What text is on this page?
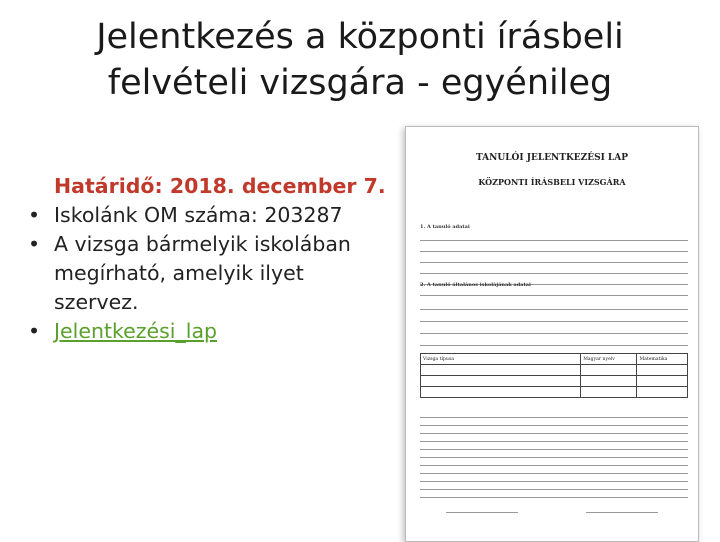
Jelentkezés a központi írásbeli
felvételi vizsgára - egyénileg
Határidő: 2018. december 7.
• Iskolánk OM száma: 203287
• A vizsga bármelyik iskolában megírható, amelyik ilyet szervez.
• Jelentkezési_lap
TANULÓI JELENTKEZÉSI LAP
KÖZPONTI ÍRÁSBELI VIZSGÁRA
1. A tanuló adatai
2. A tanuló általános iskolájának adatai
Vizsga típusa	Magyar nyelv	Matematika
